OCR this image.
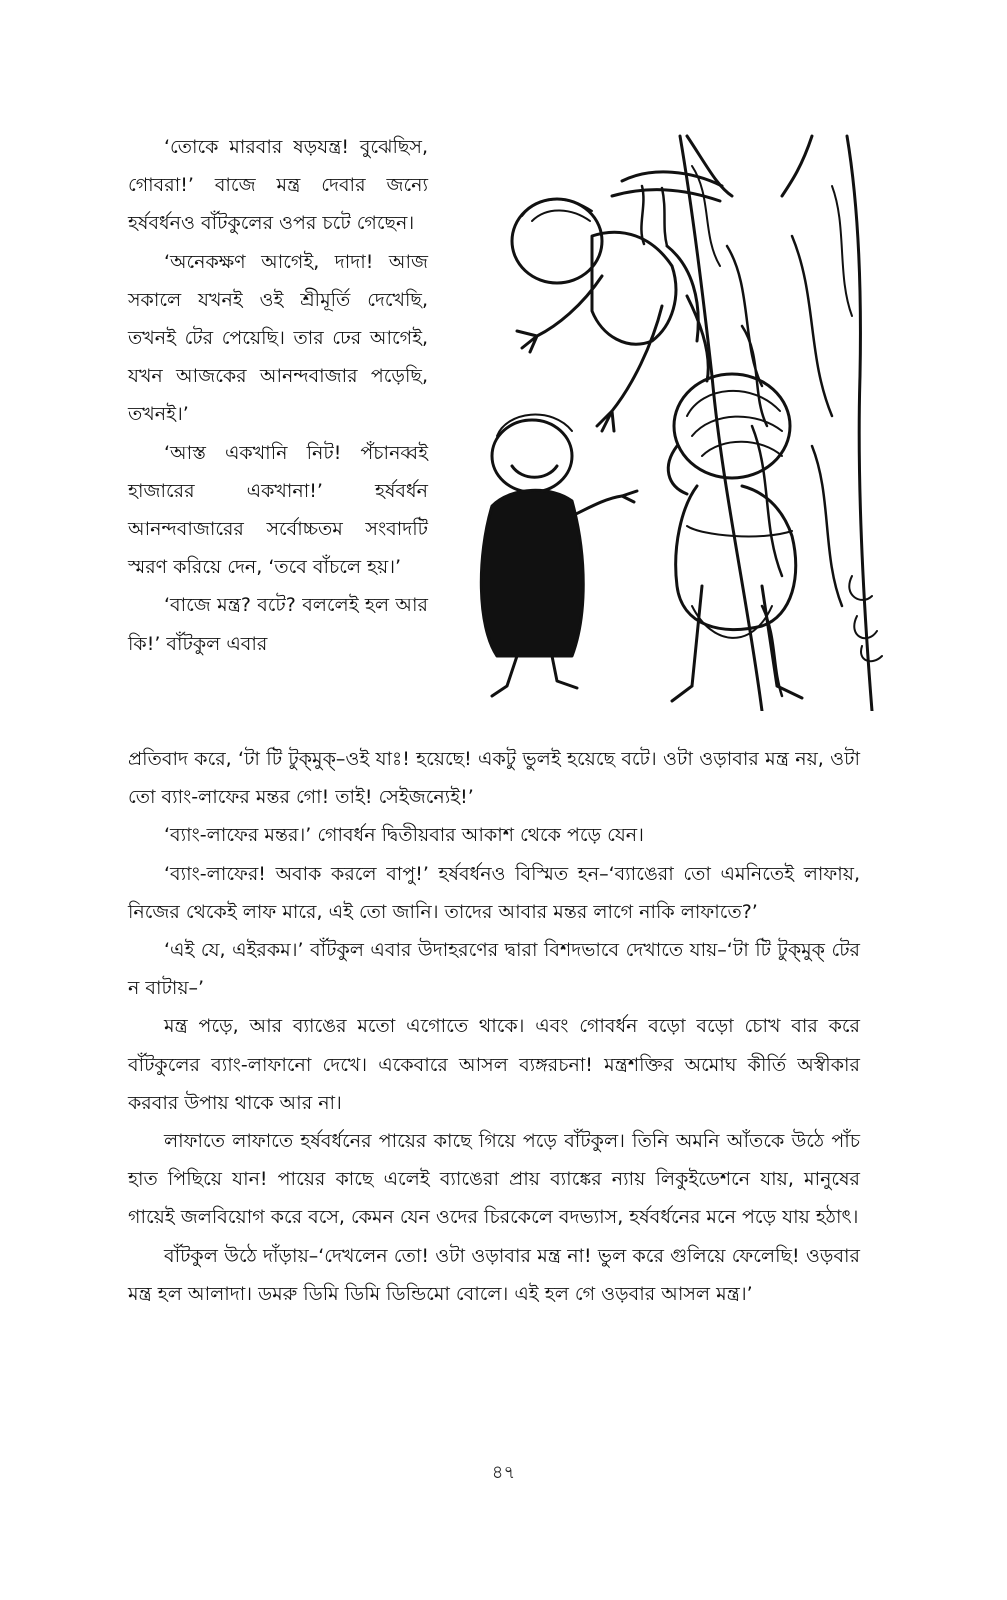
‘তোকে মারবার ষড়যন্ত্র! বুঝেছিস, গোবরা!’ বাজে মন্ত্র দেবার জন্যে হর্ষবর্ধনও বাঁটকুলের ওপর চটে গেছেন।

‘অনেকক্ষণ আগেই, দাদা! আজ সকালে যখনই ওই শ্রীমূর্তি দেখেছি, তখনই টের পেয়েছি। তার ঢের আগেই, যখন আজকের আনন্দবাজার পড়েছি, তখনই।’

‘আস্ত একখানি নিট! পঁচানব্বই হাজারের একখানা!’ হর্ষবর্ধন আনন্দবাজারের সর্বোচ্চতম সংবাদটি স্মরণ করিয়ে দেন, ‘তবে বাঁচলে হয়।’

‘বাজে মন্ত্র? বটে? বললেই হল আর কি!’ বাঁটকুল এবার

প্রতিবাদ করে, ‘টা টি টুক্‌মুক্–ওই যাঃ! হয়েছে! একটু ভুলই হয়েছে বটে। ওটা ওড়াবার মন্ত্র নয়, ওটা তো ব্যাং-লাফের মন্তর গো! তাই! সেইজন্যেই!’

‘ব্যাং-লাফের মন্তর।’ গোবর্ধন দ্বিতীয়বার আকাশ থেকে পড়ে যেন।

‘ব্যাং-লাফের! অবাক করলে বাপু!’ হর্ষবর্ধনও বিস্মিত হন–‘ব্যাঙেরা তো এমনিতেই লাফায়, নিজের থেকেই লাফ মারে, এই তো জানি। তাদের আবার মন্তর লাগে নাকি লাফাতে?’

‘এই যে, এইরকম।’ বাঁটকুল এবার উদাহরণের দ্বারা বিশদভাবে দেখাতে যায়–‘টা টি টুক্‌মুক্ টের ন বাটায়–’

মন্ত্র পড়ে, আর ব্যাঙের মতো এগোতে থাকে। এবং গোবর্ধন বড়ো বড়ো চোখ বার করে বাঁটকুলের ব্যাং-লাফানো দেখে। একেবারে আসল ব্যঙ্গরচনা! মন্ত্রশক্তির অমোঘ কীর্তি অস্বীকার করবার উপায় থাকে আর না।

লাফাতে লাফাতে হর্ষবর্ধনের পায়ের কাছে গিয়ে পড়ে বাঁটকুল। তিনি অমনি আঁতকে উঠে পাঁচ হাত পিছিয়ে যান! পায়ের কাছে এলেই ব্যাঙেরা প্রায় ব্যাঙ্কের ন্যায় লিকুইডেশনে যায়, মানুষের গায়েই জলবিয়োগ করে বসে, কেমন যেন ওদের চিরকেলে বদভ্যাস, হর্ষবর্ধনের মনে পড়ে যায় হঠাৎ।

বাঁটকুল উঠে দাঁড়ায়–‘দেখলেন তো! ওটা ওড়াবার মন্ত্র না! ভুল করে গুলিয়ে ফেলেছি! ওড়বার মন্ত্র হল আলাদা। ডমরু ডিমি ডিমি ডিন্ডিমো বোলে। এই হল গে ওড়বার আসল মন্ত্র।’

৪৭
